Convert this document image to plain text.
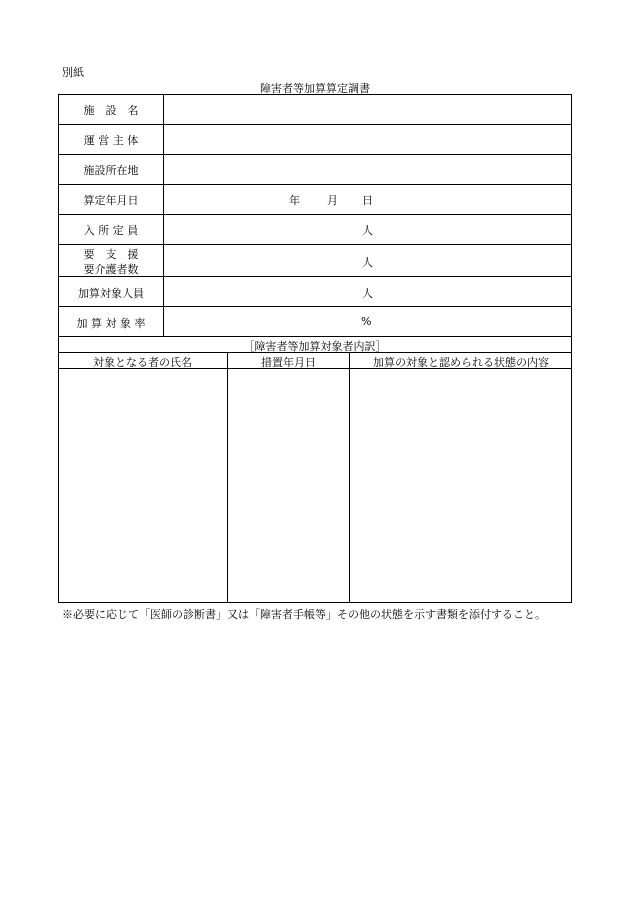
別紙
障害者等加算算定調書
施　設　名
運 営 主 体
施設所在地
算定年月日
入 所 定 員
要　支　援
要介護者数
加算対象人員
加 算 対 象 率
年 月 日
人
人
人
%
［障害者等加算対象者内訳］
対象となる者の氏名	措置年月日	加算の対象と認められる状態の内容
※必要に応じて「医師の診断書」又は「障害者手帳等」その他の状態を示す書類を添付すること。
